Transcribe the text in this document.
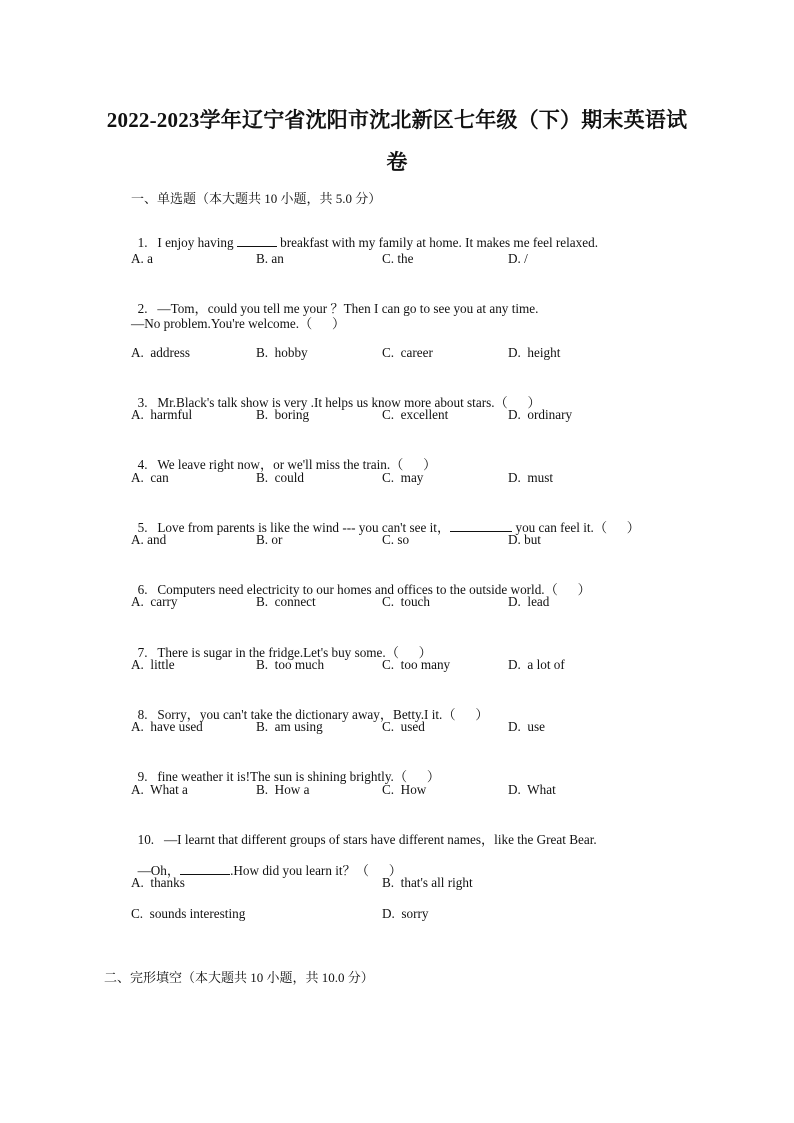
2022-2023学年辽宁省沈阳市沈北新区七年级（下）期末英语试
卷
一、单选题（本大题共 10 小题，共 5.0 分）

1. I enjoy having	breakfast with my family at home. It makes me feel relaxed.

A. a	B. an	C. the	D. /

2. —Tom，could you tell me your ？Then I can go to see you at any time.

—No problem.You're welcome.（      ）
A.  address	B.  hobby	C.  career	D.  height

3. Mr.Black's talk show is very .It helps us know more about stars.（      ）

A.  harmful	B.  boring	C.  excellent	D.  ordinary

4. We leave right now，or we'll miss the train.（      ）

A.  can	B.  could	C.  may	D.  must

5. Love from parents is like the wind --- you can't see it，	you can feel it.（      ）

A. and	B. or	C. so	D. but

6. Computers need electricity to our homes and offices to the outside world.（      ）

A.  carry	B.  connect	C.  touch	D.  lead

7. There is sugar in the fridge.Let's buy some.（      ）

A.  little	B.  too much	C.  too many	D.  a lot of

8. Sorry，you can't take the dictionary away，Betty.I it.（      ）

A.  have used	B.  am using	C.  used	D.  use

9. fine weather it is!The sun is shining brightly.（      ）

A.  What a	B.  How a	C.  How	D.  What

10. —I learnt that different groups of stars have different names，like the Great Bear.

—Oh，	.How did you learn it？（      ）

A.  thanks	B.  that's all right
C.  sounds interesting	D.  sorry
二、完形填空（本大题共 10 小题，共 10.0 分）
